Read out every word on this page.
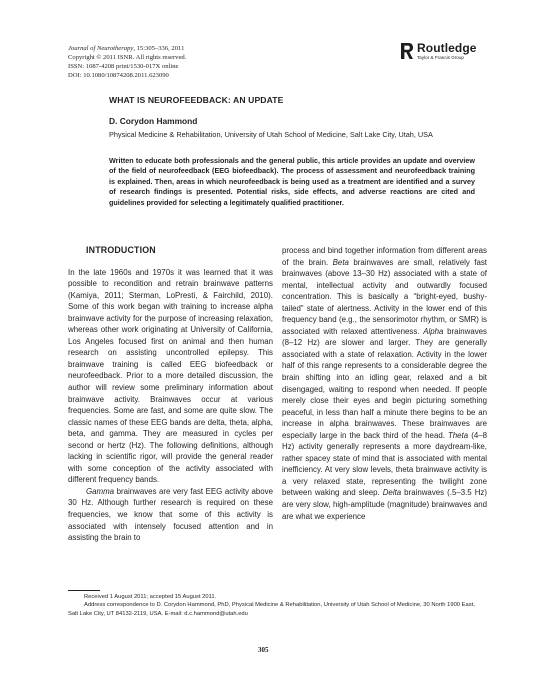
Journal of Neurotherapy, 15:305–336, 2011
Copyright © 2011 ISNR. All rights reserved.
ISSN: 1087-4208 print/1530-017X online
DOI: 10.1080/10874208.2011.623090
Routledge
Taylor & Francis Group
WHAT IS NEUROFEEDBACK: AN UPDATE
D. Corydon Hammond
Physical Medicine & Rehabilitation, University of Utah School of Medicine, Salt Lake City, Utah, USA
Written to educate both professionals and the general public, this article provides an update and overview of the field of neurofeedback (EEG biofeedback). The process of assessment and neurofeedback training is explained. Then, areas in which neurofeedback is being used as a treatment are identified and a survey of research findings is presented. Potential risks, side effects, and adverse reactions are cited and guidelines provided for selecting a legitimately qualified practitioner.
INTRODUCTION

In the late 1960s and 1970s it was learned that it was possible to recondition and retrain brainwave patterns (Kamiya, 2011; Sterman, LoPresti, & Fairchild, 2010). Some of this work began with training to increase alpha brainwave activity for the purpose of increasing relaxation, whereas other work originating at University of California, Los Angeles focused first on animal and then human research on assisting uncontrolled epilepsy. This brainwave training is called EEG biofeedback or neurofeedback. Prior to a more detailed discussion, the author will review some preliminary information about brainwave activity. Brainwaves occur at various frequencies. Some are fast, and some are quite slow. The classic names of these EEG bands are delta, theta, alpha, beta, and gamma. They are measured in cycles per second or hertz (Hz). The following definitions, although lacking in scientific rigor, will provide the general reader with some conception of the activity associated with different frequency bands.

Gamma brainwaves are very fast EEG activity above 30 Hz. Although further research is required on these frequencies, we know that some of this activity is associated with intensely focused attention and in assisting the brain to

process and bind together information from different areas of the brain. Beta brainwaves are small, relatively fast brainwaves (above 13–30 Hz) associated with a state of mental, intellectual activity and outwardly focused concentration. This is basically a “bright-eyed, bushy-tailed” state of alertness. Activity in the lower end of this frequency band (e.g., the sensorimotor rhythm, or SMR) is associated with relaxed attentiveness. Alpha brainwaves (8–12 Hz) are slower and larger. They are generally associated with a state of relaxation. Activity in the lower half of this range represents to a considerable degree the brain shifting into an idling gear, relaxed and a bit disengaged, waiting to respond when needed. If people merely close their eyes and begin picturing something peaceful, in less than half a minute there begins to be an increase in alpha brainwaves. These brainwaves are especially large in the back third of the head. Theta (4–8 Hz) activity generally represents a more daydream-like, rather spacey state of mind that is associated with mental inefficiency. At very slow levels, theta brainwave activity is a very relaxed state, representing the twilight zone between waking and sleep. Delta brainwaves (.5–3.5 Hz) are very slow, high-amplitude (magnitude) brainwaves and are what we experience

Received 1 August 2011; accepted 15 August 2011.

Address correspondence to D. Corydon Hammond, PhD, Physical Medicine & Rehabilitation, University of Utah School of Medicine, 30 North 1900 East, Salt Lake City, UT 84132-2119, USA. E-mail: d.c.hammond@utah.edu

305
